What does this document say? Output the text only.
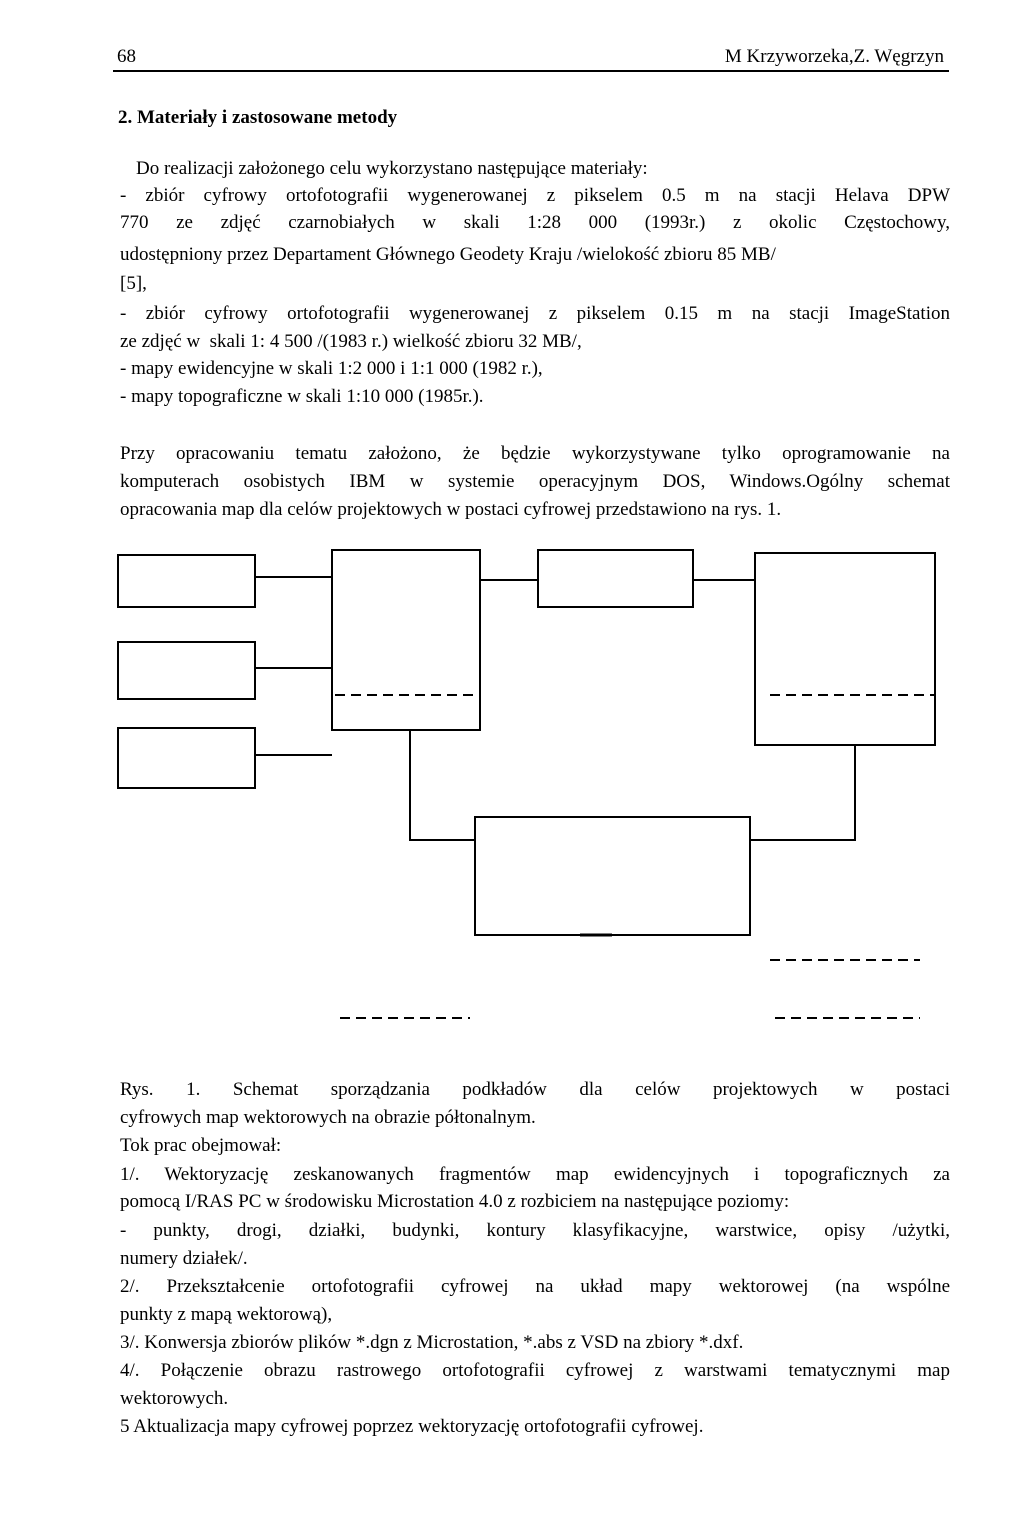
68	M Krzyworzeka,Z. Węgrzyn
2. Materiały i zastosowane metody
Do realizacji założonego celu wykorzystano następujące materiały:
- zbiór cyfrowy ortofotografii wygenerowanej z pikselem 0.5 m na stacji Helava DPW
770 ze zdjęć czarnobiałych w skali 1:28 000 (1993r.) z okolic Częstochowy,
udostępniony przez Departament Głównego Geodety Kraju /wielokość zbioru 85 MB/
[5],
- zbiór cyfrowy ortofotografii wygenerowanej z pikselem 0.15 m na stacji ImageStation
ze zdjęć w  skali 1: 4 500 /(1983 r.) wielkość zbioru 32 MB/,
- mapy ewidencyjne w skali 1:2 000 i 1:1 000 (1982 r.),
- mapy topograficzne w skali 1:10 000 (1985r.).
Przy opracowaniu tematu założono, że będzie wykorzystywane tylko oprogramowanie na
komputerach osobistych IBM w systemie operacyjnym DOS, Windows.Ogólny schemat
opracowania map dla celów projektowych w postaci cyfrowej przedstawiono na rys. 1.
Rys.  1.  Schemat  sporządzania  podkładów  dla  celów  projektowych  w  postaci
cyfrowych map wektorowych na obrazie półtonalnym.
Tok prac obejmował:
1/. Wektoryzację zeskanowanych fragmentów map ewidencyjnych i topograficznych za
pomocą I/RAS PC w środowisku Microstation 4.0 z rozbiciem na następujące poziomy:
- punkty, drogi, działki, budynki, kontury klasyfikacyjne, warstwice, opisy /użytki,
numery działek/.
2/. Przekształcenie ortofotografii cyfrowej na układ mapy wektorowej (na wspólne
punkty z mapą wektorową),
3/. Konwersja zbiorów plików *.dgn z Microstation, *.abs z VSD na zbiory *.dxf.
4/. Połączenie obrazu rastrowego ortofotografii cyfrowej z warstwami tematycznymi map
wektorowych.
5 Aktualizacja mapy cyfrowej poprzez wektoryzację ortofotografii cyfrowej.
